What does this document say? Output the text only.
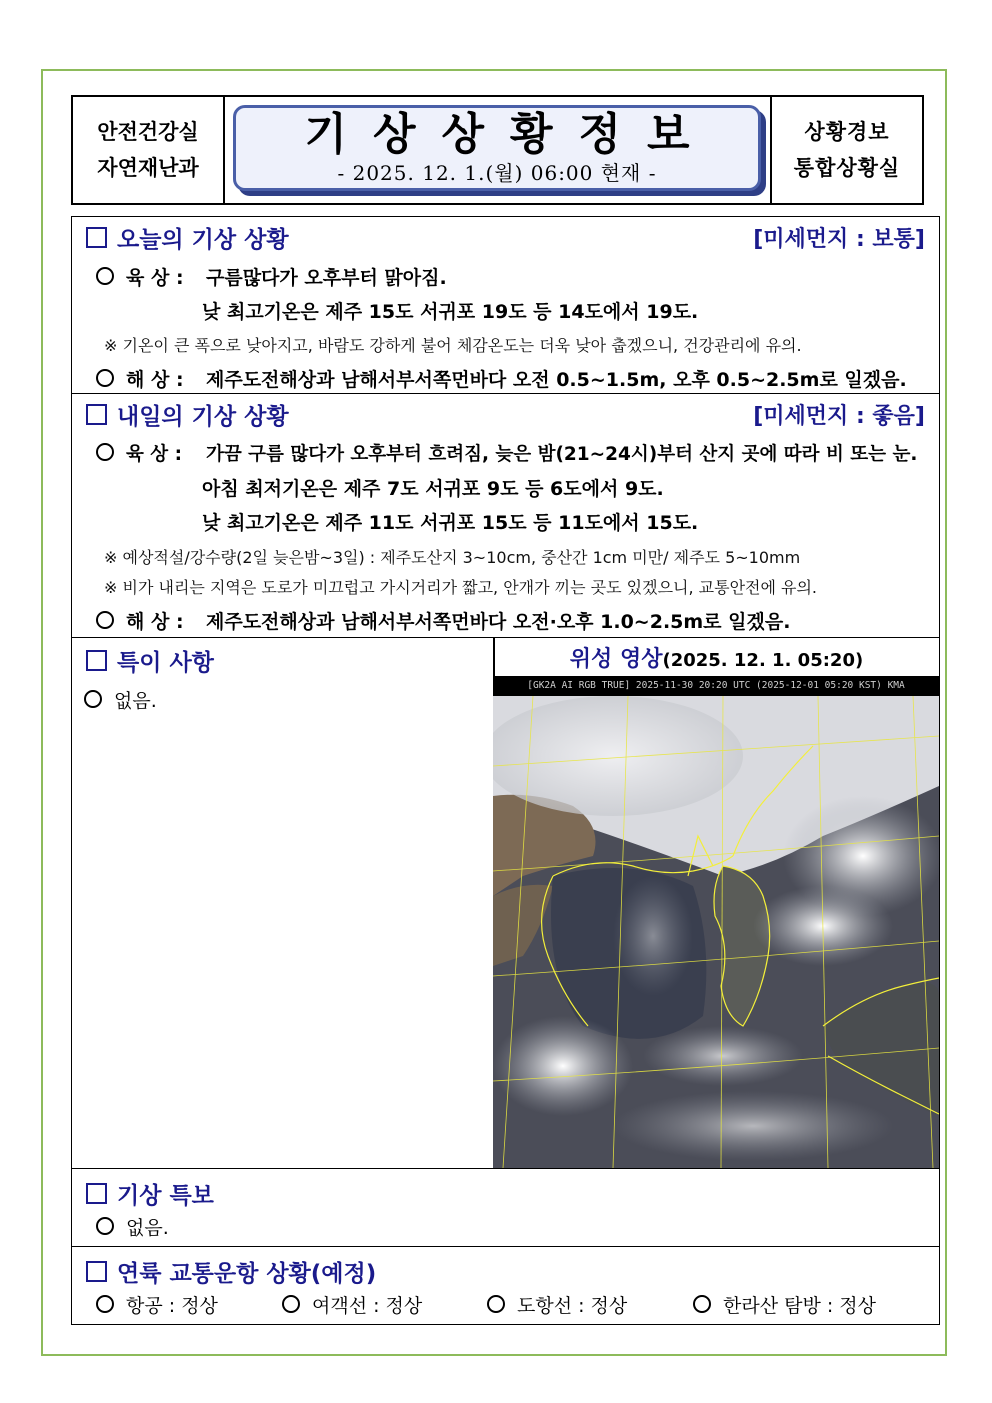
안전건강실
자연재난과
기상상황정보
- 2025. 12. 1.(월) 06:00 현재 -
상황경보
통합상황실
오늘의 기상 상황	[미세먼지 : 보통]
육 상 : 구름많다가 오후부터 맑아짐.
낮 최고기온은 제주 15도 서귀포 19도 등 14도에서 19도.
※ 기온이 큰 폭으로 낮아지고, 바람도 강하게 불어 체감온도는 더욱 낮아 춥겠으니, 건강관리에 유의.
해 상 : 제주도전해상과 남해서부서쪽먼바다 오전 0.5~1.5m, 오후 0.5~2.5m로 일겠음.
내일의 기상 상황	[미세먼지 : 좋음]
육 상 : 가끔 구름 많다가 오후부터 흐려짐, 늦은 밤(21~24시)부터 산지 곳에 따라 비 또는 눈.
아침 최저기온은 제주 7도 서귀포 9도 등 6도에서 9도.
낮 최고기온은 제주 11도 서귀포 15도 등 11도에서 15도.
※ 예상적설/강수량(2일 늦은밤~3일) : 제주도산지 3~10cm, 중산간 1cm 미만/ 제주도 5~10mm
※ 비가 내리는 지역은 도로가 미끄럽고 가시거리가 짧고, 안개가 끼는 곳도 있겠으니, 교통안전에 유의.
해 상 : 제주도전해상과 남해서부서쪽먼바다 오전·오후 1.0~2.5m로 일겠음.
특이 사항
없음.
위성 영상(2025. 12. 1. 05:20)
[GK2A AI RGB TRUE] 2025-11-30 20:20 UTC (2025-12-01 05:20 KST) KMA
기상 특보
없음.
연륙 교통운항 상황(예정)
항공 : 정상	여객선 : 정상	도항선 : 정상	한라산 탐방 : 정상
